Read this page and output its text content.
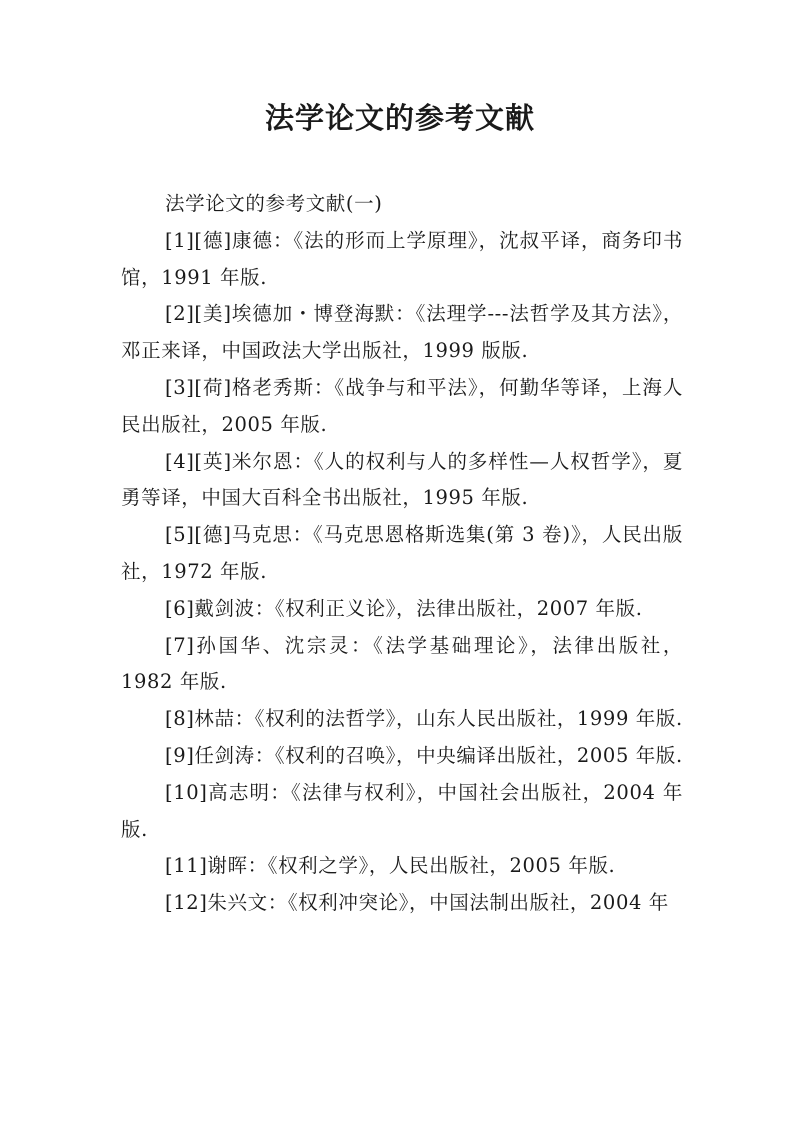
法学论文的参考文献

法学论文的参考文献(一)

[1][德]康德：《法的形而上学原理》，沈叔平译，商务印书馆，1991 年版.

[2][美]埃德加・博登海默：《法理学---法哲学及其方法》，邓正来译，中国政法大学出版社，1999 版版.

[3][荷]格老秀斯：《战争与和平法》，何勤华等译，上海人民出版社，2005 年版.

[4][英]米尔恩：《人的权利与人的多样性—人权哲学》，夏勇等译，中国大百科全书出版社，1995 年版.

[5][德]马克思：《马克思恩格斯选集(第 3 卷)》，人民出版社，1972 年版.

[6]戴剑波：《权利正义论》，法律出版社，2007 年版.

[7]孙国华、沈宗灵：《法学基础理论》，法律出版社，1982 年版.

[8]林喆：《权利的法哲学》，山东人民出版社，1999 年版.

[9]任剑涛：《权利的召唤》，中央编译出版社，2005 年版.

[10]高志明：《法律与权利》，中国社会出版社，2004 年版.

[11]谢晖：《权利之学》，人民出版社，2005 年版.

[12]朱兴文：《权利冲突论》，中国法制出版社，2004 年
